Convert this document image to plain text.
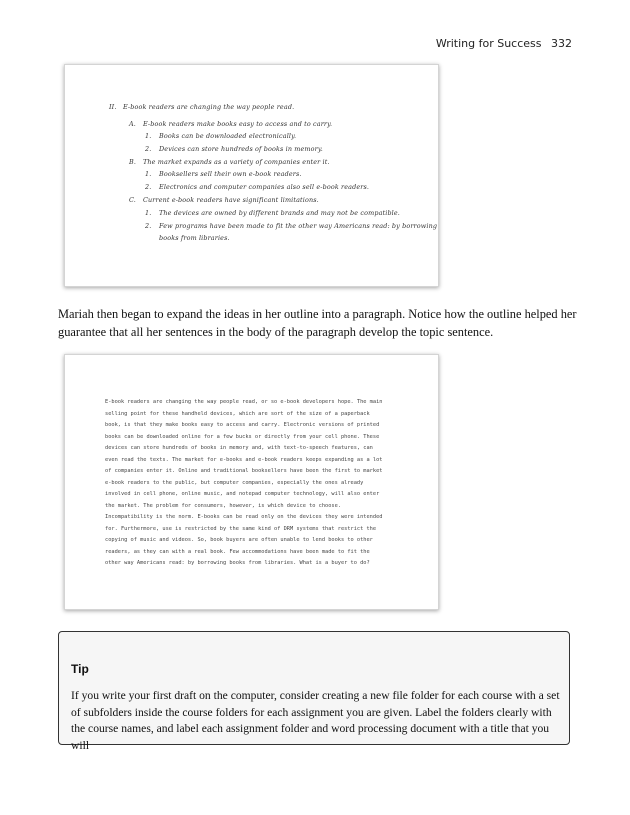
Writing for Success 332
II. E-book readers are changing the way people read.
A. E-book readers make books easy to access and to carry.
1. Books can be downloaded electronically.
2. Devices can store hundreds of books in memory.
B. The market expands as a variety of companies enter it.
1. Booksellers sell their own e-book readers.
2. Electronics and computer companies also sell e-book readers.
C. Current e-book readers have significant limitations.
1. The devices are owned by different brands and may not be compatible.
2. Few programs have been made to fit the other way Americans read: by borrowing
books from libraries.

Mariah then began to expand the ideas in her outline into a paragraph. Notice how the outline helped her guarantee that all her sentences in the body of the paragraph develop the topic sentence.

E-book readers are changing the way people read, or so e-book developers hope. The main
selling point for these handheld devices, which are sort of the size of a paperback
book, is that they make books easy to access and carry. Electronic versions of printed
books can be downloaded online for a few bucks or directly from your cell phone. These
devices can store hundreds of books in memory and, with text-to-speech features, can
even read the texts. The market for e-books and e-book readers keeps expanding as a lot
of companies enter it. Online and traditional booksellers have been the first to market
e-book readers to the public, but computer companies, especially the ones already
involved in cell phone, online music, and notepad computer technology, will also enter
the market. The problem for consumers, however, is which device to choose.
Incompatibility is the norm. E-books can be read only on the devices they were intended
for. Furthermore, use is restricted by the same kind of DRM systems that restrict the
copying of music and videos. So, book buyers are often unable to lend books to other
readers, as they can with a real book. Few accommodations have been made to fit the
other way Americans read: by borrowing books from libraries. What is a buyer to do?
Tip
If you write your first draft on the computer, consider creating a new file folder for each course with a set of subfolders inside the course folders for each assignment you are given. Label the folders clearly with the course names, and label each assignment folder and word processing document with a title that you will
